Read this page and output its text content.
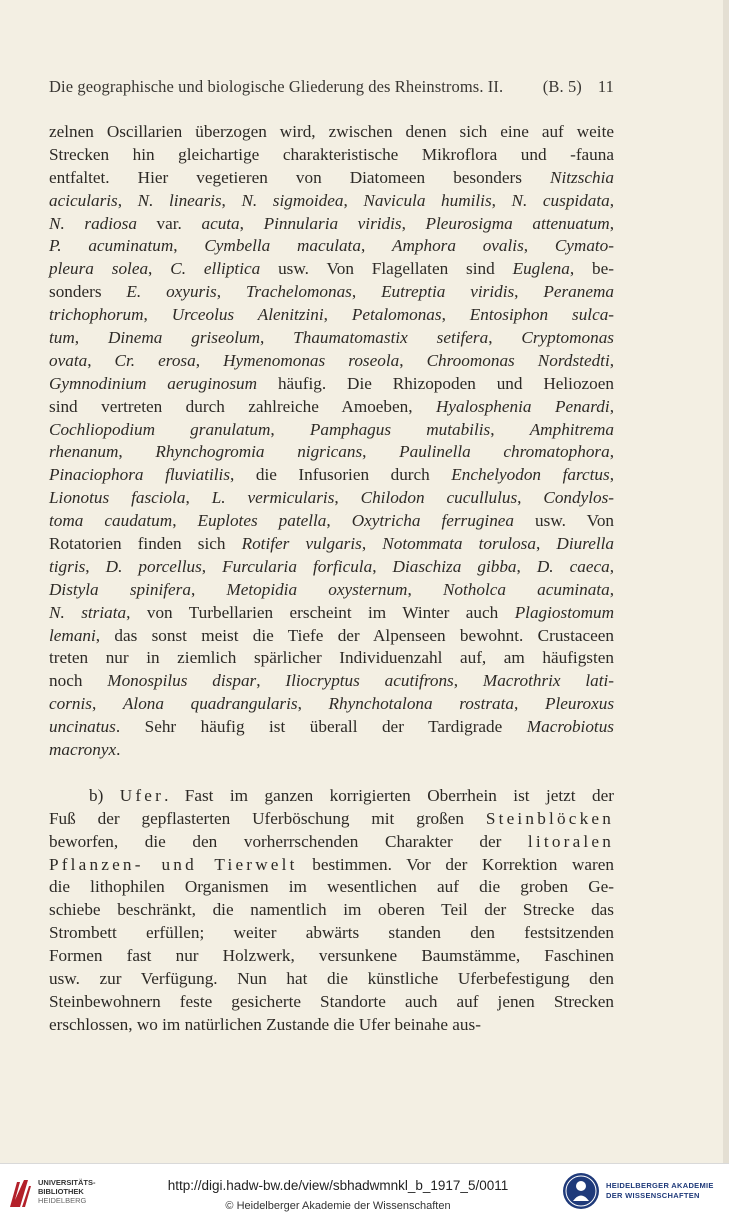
Die geographische und biologische Gliederung des Rheinstroms. II. (B. 5) 11
zelnen Oscillarien überzogen wird, zwischen denen sich eine auf weite
Strecken hin gleichartige charakteristische Mikroflora und -fauna
entfaltet. Hier vegetieren von Diatomeen besonders Nitzschia
acicularis, N. linearis, N. sigmoidea, Navicula humilis, N. cuspidata,
N. radiosa var. acuta, Pinnularia viridis, Pleurosigma attenuatum,
P. acuminatum, Cymbella maculata, Amphora ovalis, Cymato-
pleura solea, C. elliptica usw. Von Flagellaten sind Euglena, be-
sonders E. oxyuris, Trachelomonas, Eutreptia viridis, Peranema
trichophorum, Urceolus Alenitzini, Petalomonas, Entosiphon sulca-
tum, Dinema griseolum, Thaumatomastix setifera, Cryptomonas
ovata, Cr. erosa, Hymenomonas roseola, Chroomonas Nordstedti,
Gymnodinium aeruginosum häufig. Die Rhizopoden und Heliozoen
sind vertreten durch zahlreiche Amoeben, Hyalosphenia Penardi,
Cochliopodium granulatum, Pamphagus mutabilis, Amphitrema
rhenanum, Rhynchogromia nigricans, Paulinella chromatophora,
Pinaciophora fluviatilis, die Infusorien durch Enchelyodon farctus,
Lionotus fasciola, L. vermicularis, Chilodon cucullulus, Condylos-
toma caudatum, Euplotes patella, Oxytricha ferruginea usw. Von
Rotatorien finden sich Rotifer vulgaris, Notommata torulosa, Diurella
tigris, D. porcellus, Furcularia forficula, Diaschiza gibba, D. caeca,
Distyla spinifera, Metopidia oxysternum, Notholca acuminata,
N. striata, von Turbellarien erscheint im Winter auch Plagiostomum
lemani, das sonst meist die Tiefe der Alpenseen bewohnt. Crustaceen
treten nur in ziemlich spärlicher Individuenzahl auf, am häufigsten
noch Monospilus dispar, Iliocryptus acutifrons, Macrothrix lati-
cornis, Alona quadrangularis, Rhynchotalona rostrata, Pleuroxus
uncinatus. Sehr häufig ist überall der Tardigrade Macrobiotus
macronyx.
b) Ufer. Fast im ganzen korrigierten Oberrhein ist jetzt der
Fuß der gepflasterten Uferböschung mit großen Steinblöcken
beworfen, die den vorherrschenden Charakter der litoralen
Pflanzen- und Tierwelt bestimmen. Vor der Korrektion waren
die lithophilen Organismen im wesentlichen auf die groben Ge-
schiebe beschränkt, die namentlich im oberen Teil der Strecke das
Strombett erfüllen; weiter abwärts standen den festsitzenden
Formen fast nur Holzwerk, versunkene Baumstämme, Faschinen
usw. zur Verfügung. Nun hat die künstliche Uferbefestigung den
Steinbewohnern feste gesicherte Standorte auch auf jenen Strecken
erschlossen, wo im natürlichen Zustande die Ufer beinahe aus-
UNIVERSITÄTS-
BIBLIOTHEK
HEIDELBERG
http://digi.hadw-bw.de/view/sbhadwmnkl_b_1917_5/0011
© Heidelberger Akademie der Wissenschaften
HEIDELBERGER AKADEMIE
DER WISSENSCHAFTEN
